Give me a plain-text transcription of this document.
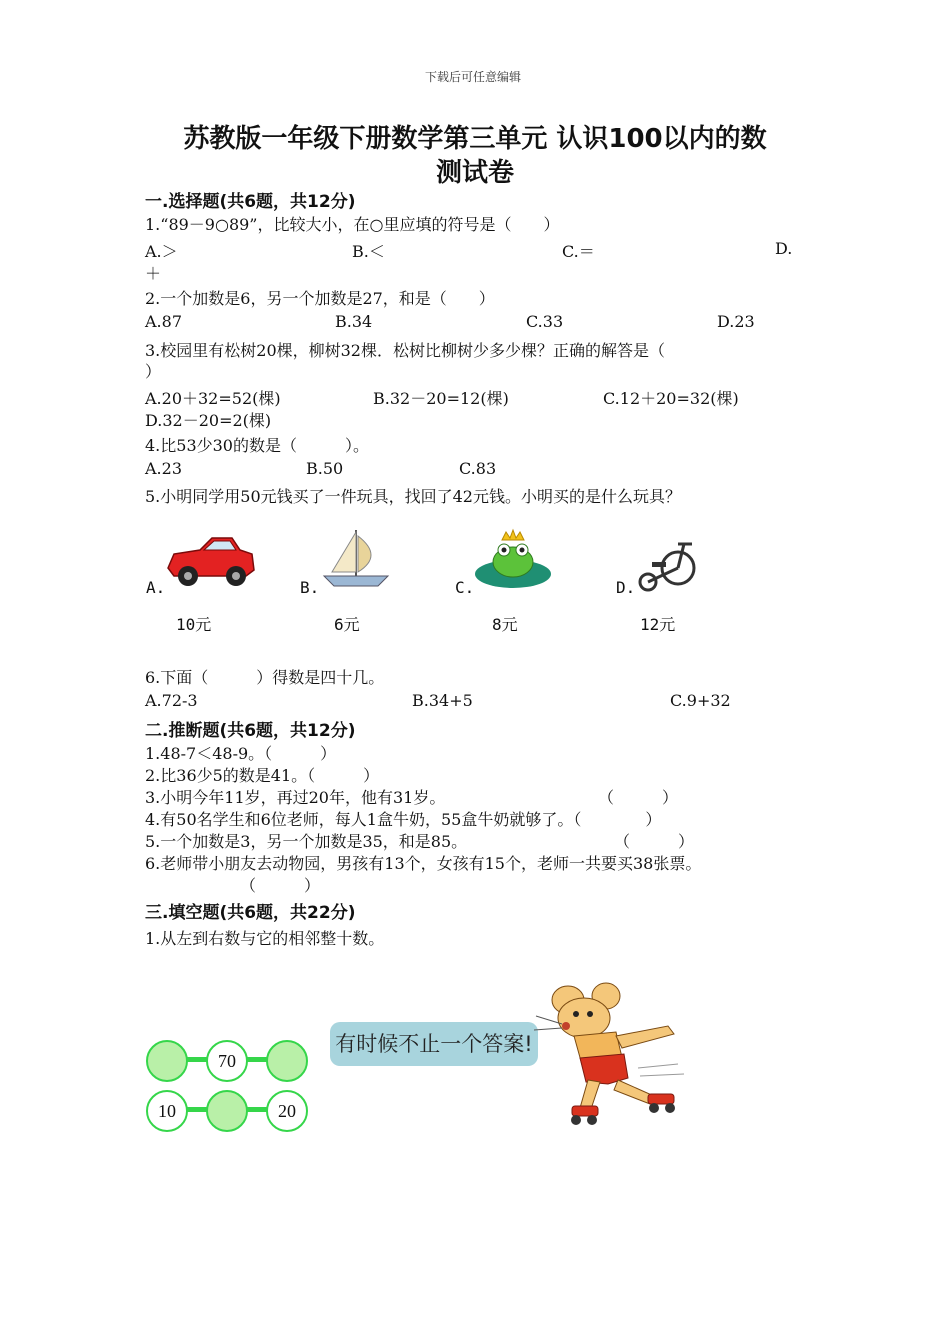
下载后可任意编辑
苏教版一年级下册数学第三单元 认识100以内的数
测试卷
一.选择题(共6题，共12分)
1.“89－9○89”，比较大小，在○里应填的符号是（　　）
A.＞	B.＜	C.＝	D.
＋
2.一个加数是6，另一个加数是27，和是（　　）
A.87	B.34	C.33	D.23
3.校园里有松树20棵，柳树32棵．松树比柳树少多少棵？正确的解答是（
）
A.20＋32=52(棵)	B.32－20=12(棵)	C.12＋20=32(棵)
D.32－20=2(棵)
4.比53少30的数是（　　　）。
A.23	B.50	C.83
5.小明同学用50元钱买了一件玩具，找回了42元钱。小明买的是什么玩具？
A.
10元
B.
6元
C.
8元
D.
12元
6.下面（　　　）得数是四十几。
A.72-3	B.34+5	C.9+32
二.推断题(共6题，共12分)
1.48-7＜48-9。（　　　）
2.比36少5的数是41。（　　　）
3.小明今年11岁，再过20年，他有31岁。	（　　　）
4.有50名学生和6位老师，每人1盒牛奶，55盒牛奶就够了。（　　　　）
5.一个加数是3，另一个加数是35，和是85。	（　　　）
6.老师带小朋友去动物园，男孩有13个，女孩有15个，老师一共要买38张票。
（　　　）
三.填空题(共6题，共22分)
1.从左到右数与它的相邻整十数。
70
10	20
有时候不止一个答案!
